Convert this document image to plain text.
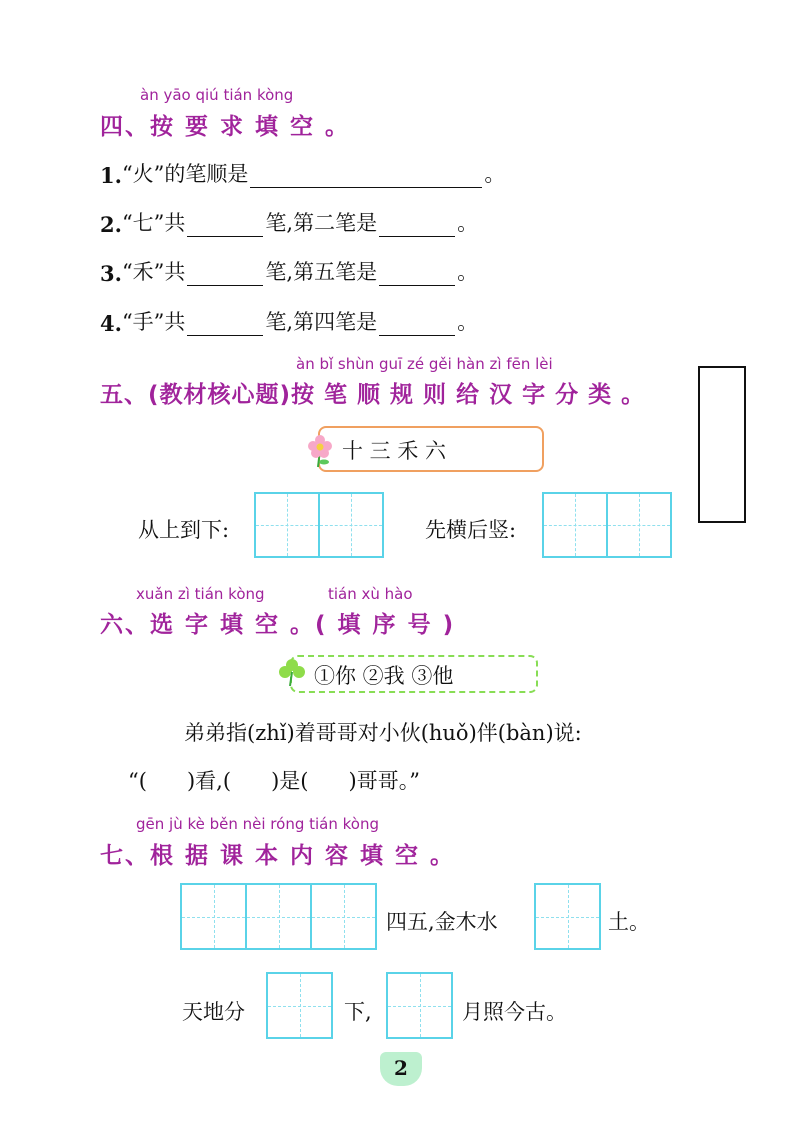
àn yāo qiú tián kòng
四、按 要 求 填 空 。
1. “火”的笔顺是	。
2. “七”共	笔,第二笔是	。
3. “禾”共	笔,第五笔是	。
4. “手”共	笔,第四笔是	。
àn bǐ shùn guī zé gěi hàn zì fēn lèi
五、(教材核心题)按 笔 顺 规 则 给 汉 字 分 类 。
十 三 禾 六
从上到下:	先横后竖:
xuǎn zì tián kòng	tián xù hào
六、选 字 填 空 。( 填 序 号 )
①你 ②我 ③他
弟弟指(zhǐ)着哥哥对小伙(huǒ)伴(bàn)说:
“(      )看,(      )是(      )哥哥。”
gēn jù kè běn nèi róng tián kòng
七、根 据 课 本 内 容 填 空 。
四五,金木水	土。
天地分	下,	月照今古。
2
